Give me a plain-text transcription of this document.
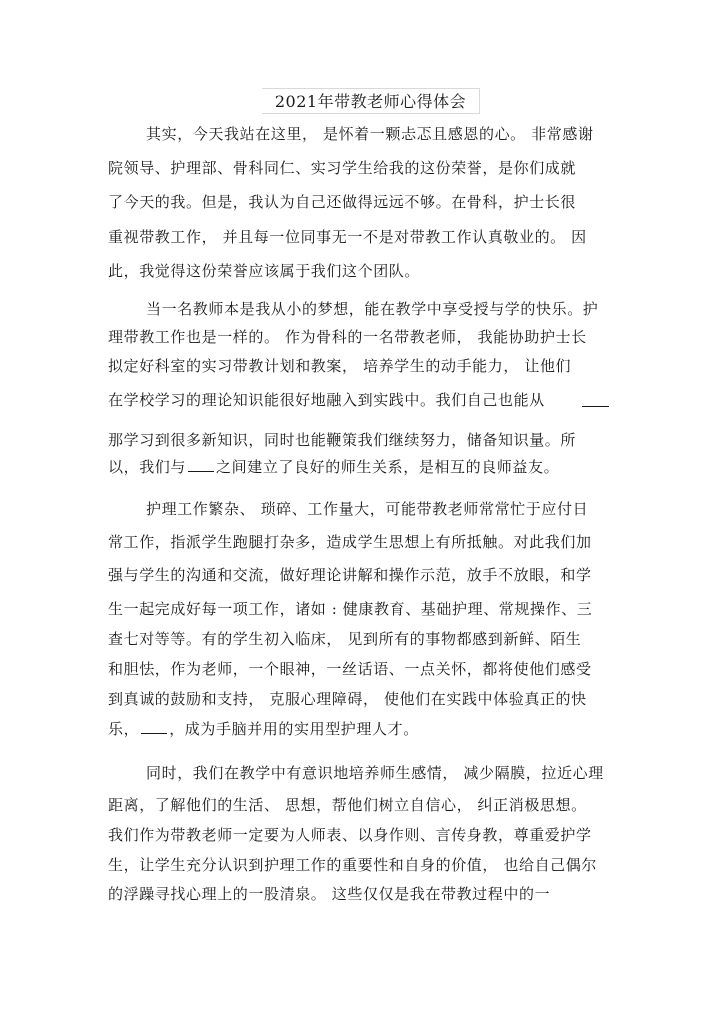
2021年带教老师心得体会
其实，今天我站在这里， 是怀着一颗忐忑且感恩的心。 非常感谢
院领导、护理部、骨科同仁、实习学生给我的这份荣誉，是你们成就
了今天的我。但是，我认为自己还做得远远不够。在骨科，护士长很
重视带教工作， 并且每一位同事无一不是对带教工作认真敬业的。 因
此，我觉得这份荣誉应该属于我们这个团队。
当一名教师本是我从小的梦想，能在教学中享受授与学的快乐。护
理带教工作也是一样的。 作为骨科的一名带教老师， 我能协助护士长
拟定好科室的实习带教计划和教案， 培养学生的动手能力， 让他们
在学校学习的理论知识能很好地融入到实践中。我们自己也能从
那学习到很多新知识，同时也能鞭策我们继续努力，储备知识量。所
以，我们与 之间建立了良好的师生关系，是相互的良师益友。
护理工作繁杂、 琐碎、工作量大，可能带教老师常常忙于应付日
常工作，指派学生跑腿打杂多，造成学生思想上有所抵触。对此我们加
强与学生的沟通和交流，做好理论讲解和操作示范，放手不放眼，和学
生一起完成好每一项工作，诸如 : 健康教育、基础护理、常规操作、三
查七对等等。有的学生初入临床， 见到所有的事物都感到新鲜、陌生
和胆怯，作为老师，一个眼神，一丝话语、一点关怀，都将使他们感受
到真诚的鼓励和支持， 克服心理障碍， 使他们在实践中体验真正的快
乐， ，成为手脑并用的实用型护理人才。
同时，我们在教学中有意识地培养师生感情， 减少隔膜，拉近心理
距离，了解他们的生活、 思想，帮他们树立自信心， 纠正消极思想。
我们作为带教老师一定要为人师表、以身作则、言传身教，尊重爱护学
生，让学生充分认识到护理工作的重要性和自身的价值， 也给自己偶尔
的浮躁寻找心理上的一股清泉。 这些仅仅是我在带教过程中的一
